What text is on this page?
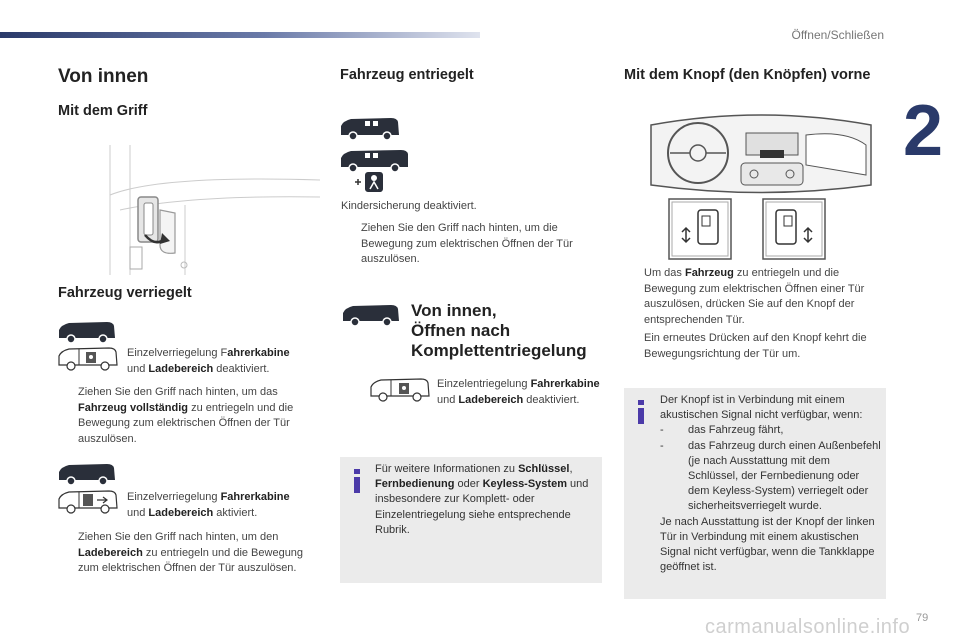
Öffnen/Schließen
2
79
carmanualsonline.info
Von innen
Mit dem Griff
Fahrzeug verriegelt
Einzelverriegelung Fahrerkabine
und Ladebereich deaktiviert.
Ziehen Sie den Griff nach hinten, um das Fahrzeug vollständig zu entriegeln und die Bewegung zum elektrischen Öffnen der Tür auszulösen.
Einzelverriegelung Fahrerkabine
und Ladebereich aktiviert.
Ziehen Sie den Griff nach hinten, um den Ladebereich zu entriegeln und die Bewegung zum elektrischen Öffnen der Tür auszulösen.
Fahrzeug entriegelt
Kindersicherung deaktiviert.
Ziehen Sie den Griff nach hinten, um die Bewegung zum elektrischen Öffnen der Tür auszulösen.
Von innen,
Öffnen nach
Komplettentriegelung
Einzelentriegelung Fahrerkabine
und Ladebereich deaktiviert.
Für weitere Informationen zu Schlüssel, Fernbedienung oder Keyless-System und insbesondere zur Komplett- oder Einzelentriegelung siehe entsprechende Rubrik.
Mit dem Knopf (den Knöpfen) vorne
Um das Fahrzeug zu entriegeln und die Bewegung zum elektrischen Öffnen einer Tür auszulösen, drücken Sie auf den Knopf der entsprechenden Tür.
Ein erneutes Drücken auf den Knopf kehrt die Bewegungsrichtung der Tür um.
Der Knopf ist in Verbindung mit einem akustischen Signal nicht verfügbar, wenn:
- das Fahrzeug fährt,
- das Fahrzeug durch einen Außenbefehl (je nach Ausstattung mit dem Schlüssel, der Fernbedienung oder dem Keyless-System) verriegelt oder sicherheitsverriegelt wurde.
Je nach Ausstattung ist der Knopf der linken Tür in Verbindung mit einem akustischen Signal nicht verfügbar, wenn die Tankklappe geöffnet ist.
